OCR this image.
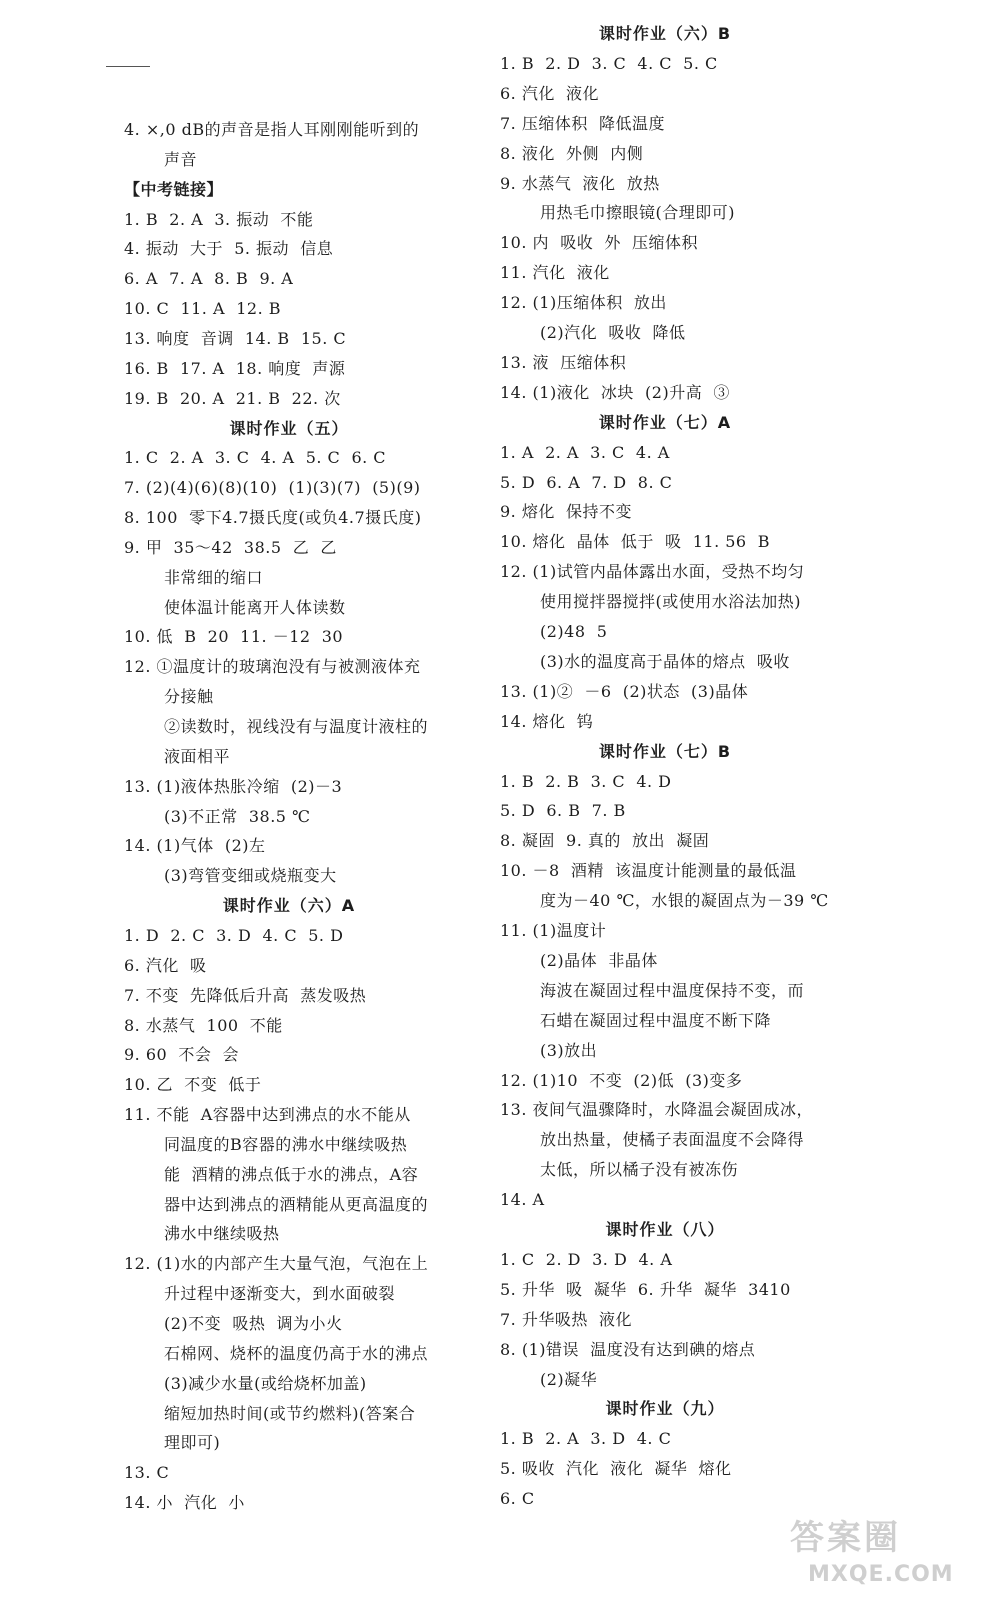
4. ×,0 dB的声音是指人耳刚刚能听到的
声音
【中考链接】
1. B  2. A  3. 振动  不能
4. 振动  大于  5. 振动  信息
6. A  7. A  8. B  9. A
10. C  11. A  12. B
13. 响度  音调  14. B  15. C
16. B  17. A  18. 响度  声源
19. B  20. A  21. B  22. 次
课时作业（五）
1. C  2. A  3. C  4. A  5. C  6. C
7. (2)(4)(6)(8)(10)  (1)(3)(7)  (5)(9)
8. 100  零下4.7摄氏度(或负4.7摄氏度)
9. 甲  35～42  38.5  乙  乙
非常细的缩口
使体温计能离开人体读数
10. 低  B  20  11. －12  30
12. ①温度计的玻璃泡没有与被测液体充
分接触
②读数时，视线没有与温度计液柱的
液面相平
13. (1)液体热胀冷缩  (2)－3
(3)不正常  38.5 ℃
14. (1)气体  (2)左
(3)弯管变细或烧瓶变大
课时作业（六）A
1. D  2. C  3. D  4. C  5. D
6. 汽化  吸
7. 不变  先降低后升高  蒸发吸热
8. 水蒸气  100  不能
9. 60  不会  会
10. 乙  不变  低于
11. 不能  A容器中达到沸点的水不能从
同温度的B容器的沸水中继续吸热
能  酒精的沸点低于水的沸点，A容
器中达到沸点的酒精能从更高温度的
沸水中继续吸热
12. (1)水的内部产生大量气泡，气泡在上
升过程中逐渐变大，到水面破裂
(2)不变  吸热  调为小火
石棉网、烧杯的温度仍高于水的沸点
(3)减少水量(或给烧杯加盖)
缩短加热时间(或节约燃料)(答案合
理即可)
13. C
14. 小  汽化  小
课时作业（六）B
1. B  2. D  3. C  4. C  5. C
6. 汽化  液化
7. 压缩体积  降低温度
8. 液化  外侧  内侧
9. 水蒸气  液化  放热
用热毛巾擦眼镜(合理即可)
10. 内  吸收  外  压缩体积
11. 汽化  液化
12. (1)压缩体积  放出
(2)汽化  吸收  降低
13. 液  压缩体积
14. (1)液化  冰块  (2)升高  ③
课时作业（七）A
1. A  2. A  3. C  4. A
5. D  6. A  7. D  8. C
9. 熔化  保持不变
10. 熔化  晶体  低于  吸  11. 56  B
12. (1)试管内晶体露出水面，受热不均匀
使用搅拌器搅拌(或使用水浴法加热)
(2)48  5
(3)水的温度高于晶体的熔点  吸收
13. (1)②  －6  (2)状态  (3)晶体
14. 熔化  钨
课时作业（七）B
1. B  2. B  3. C  4. D
5. D  6. B  7. B
8. 凝固  9. 真的  放出  凝固
10. －8  酒精  该温度计能测量的最低温
度为－40 ℃，水银的凝固点为－39 ℃
11. (1)温度计
(2)晶体  非晶体
海波在凝固过程中温度保持不变，而
石蜡在凝固过程中温度不断下降
(3)放出
12. (1)10  不变  (2)低  (3)变多
13. 夜间气温骤降时，水降温会凝固成冰，
放出热量，使橘子表面温度不会降得
太低，所以橘子没有被冻伤
14. A
课时作业（八）
1. C  2. D  3. D  4. A
5. 升华  吸  凝华  6. 升华  凝华  3410
7. 升华吸热  液化
8. (1)错误  温度没有达到碘的熔点
(2)凝华
课时作业（九）
1. B  2. A  3. D  4. C
5. 吸收  汽化  液化  凝华  熔化
6. C
答案圈
MXQE.COM
